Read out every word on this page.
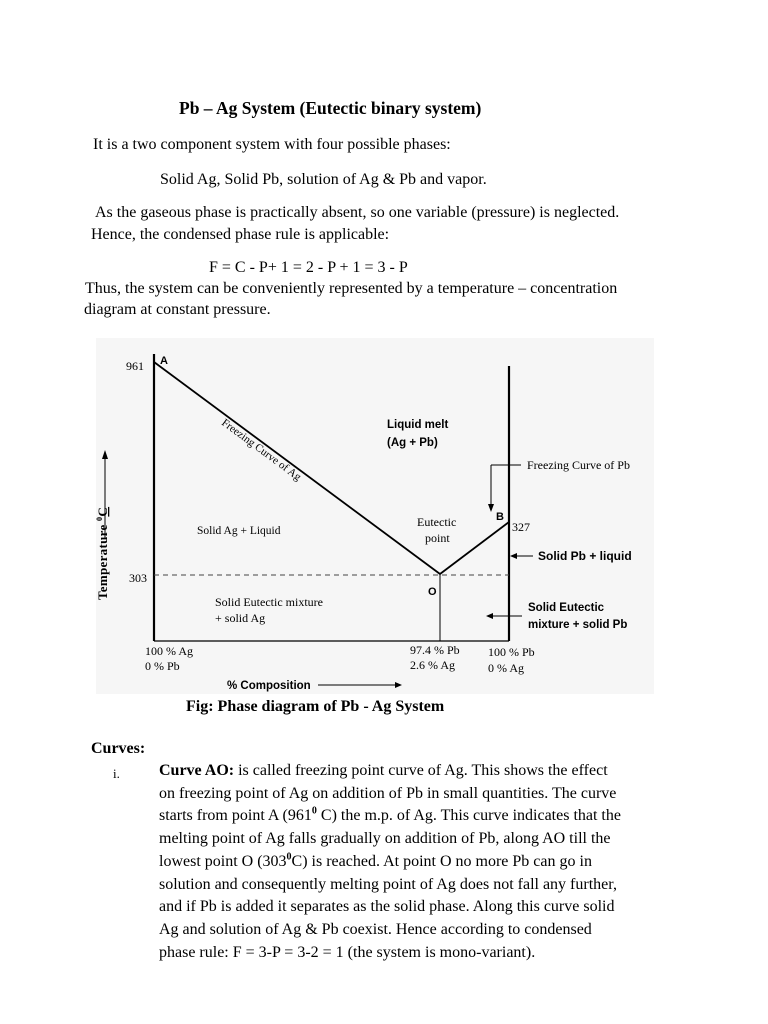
Pb – Ag System (Eutectic binary system)
It is a two component system with four possible phases:
Solid Ag, Solid Pb, solution of Ag & Pb and vapor.
As the gaseous phase is practically absent, so one variable (pressure) is neglected.
Hence, the condensed phase rule is applicable:
F = C - P+ 1 = 2 - P + 1 = 3 - P
Thus, the system can be conveniently represented by a temperature – concentration
diagram at constant pressure.
Temperature $^0$C
961
303
A
B
327
O
Freezing Curve of Ag	Liquid melt
(Ag + Pb)
Freezing Curve of Pb
Solid Ag + Liquid
Eutectic
point
Solid Pb + liquid
Solid Eutectic mixture
+ solid Ag
Solid Eutectic
mixture + solid Pb
100 % Ag
0 % Pb
97.4 % Pb
2.6 % Ag
100 % Pb
0 % Ag
% Composition
Fig: Phase diagram of Pb - Ag System
Curves:
i. Curve AO: is called freezing point curve of Ag. This shows the effect
on freezing point of Ag on addition of Pb in small quantities. The curve
starts from point A ($961^0$ C) the m.p. of Ag. This curve indicates that the
melting point of Ag falls gradually on addition of Pb, along AO till the
lowest point O $(303^0C)$ is reached. At point O no more Pb can go in
solution and consequently melting point of Ag does not fall any further,
and if Pb is added it separates as the solid phase. Along this curve solid
Ag and solution of Ag & Pb coexist. Hence according to condensed
phase rule: F = 3-P = 3-2 = 1 (the system is mono-variant).
